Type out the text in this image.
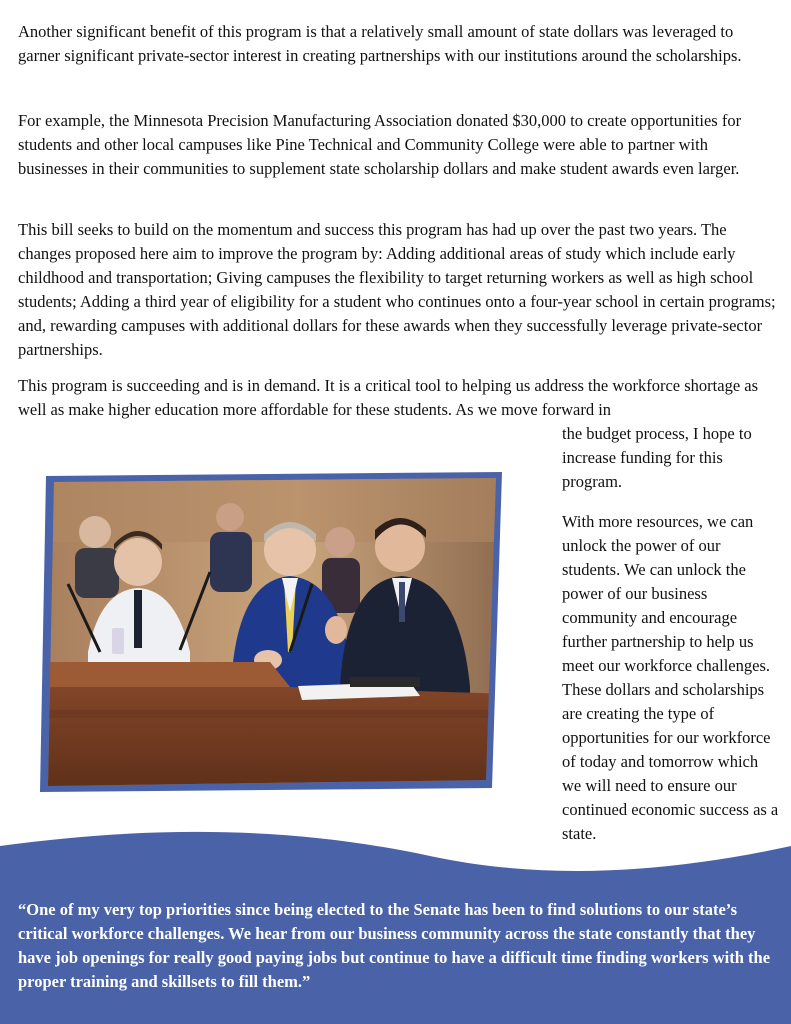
Another significant benefit of this program is that a relatively small amount of state dollars was leveraged to garner significant private-sector interest in creating partnerships with our institutions around the scholarships.

For example, the Minnesota Precision Manufacturing Association donated $30,000 to create opportunities for students and other local campuses like Pine Technical and Community College were able to partner with businesses in their communities to supplement state scholarship dollars and make student awards even larger.

This bill seeks to build on the momentum and success this program has had up over the past two years. The changes proposed here aim to improve the program by: Adding additional areas of study which include early childhood and transportation; Giving campuses the flexibility to target returning workers as well as high school students; Adding a third year of eligibility for a student who continues onto a four-year school in certain programs; and, rewarding campuses with additional dollars for these awards when they successfully leverage private-sector partnerships.

This program is succeeding and is in demand. It is a critical tool to helping us address the workforce shortage as well as make higher education more affordable for these students. As we move forward in

the budget process, I hope to increase funding for this program.

With more resources, we can unlock the power of our students. We can unlock the power of our business community and encourage further partnership to help us meet our workforce challenges. These dollars and scholarships are creating the type of opportunities for our workforce of today and tomorrow which we will need to ensure our continued economic success as a state.

“One of my very top priorities since being elected to the Senate has been to find solutions to our state’s critical workforce challenges. We hear from our business community across the state constantly that they have job openings for really good paying jobs but continue to have a difficult time finding workers with the proper training and skillsets to fill them.”
